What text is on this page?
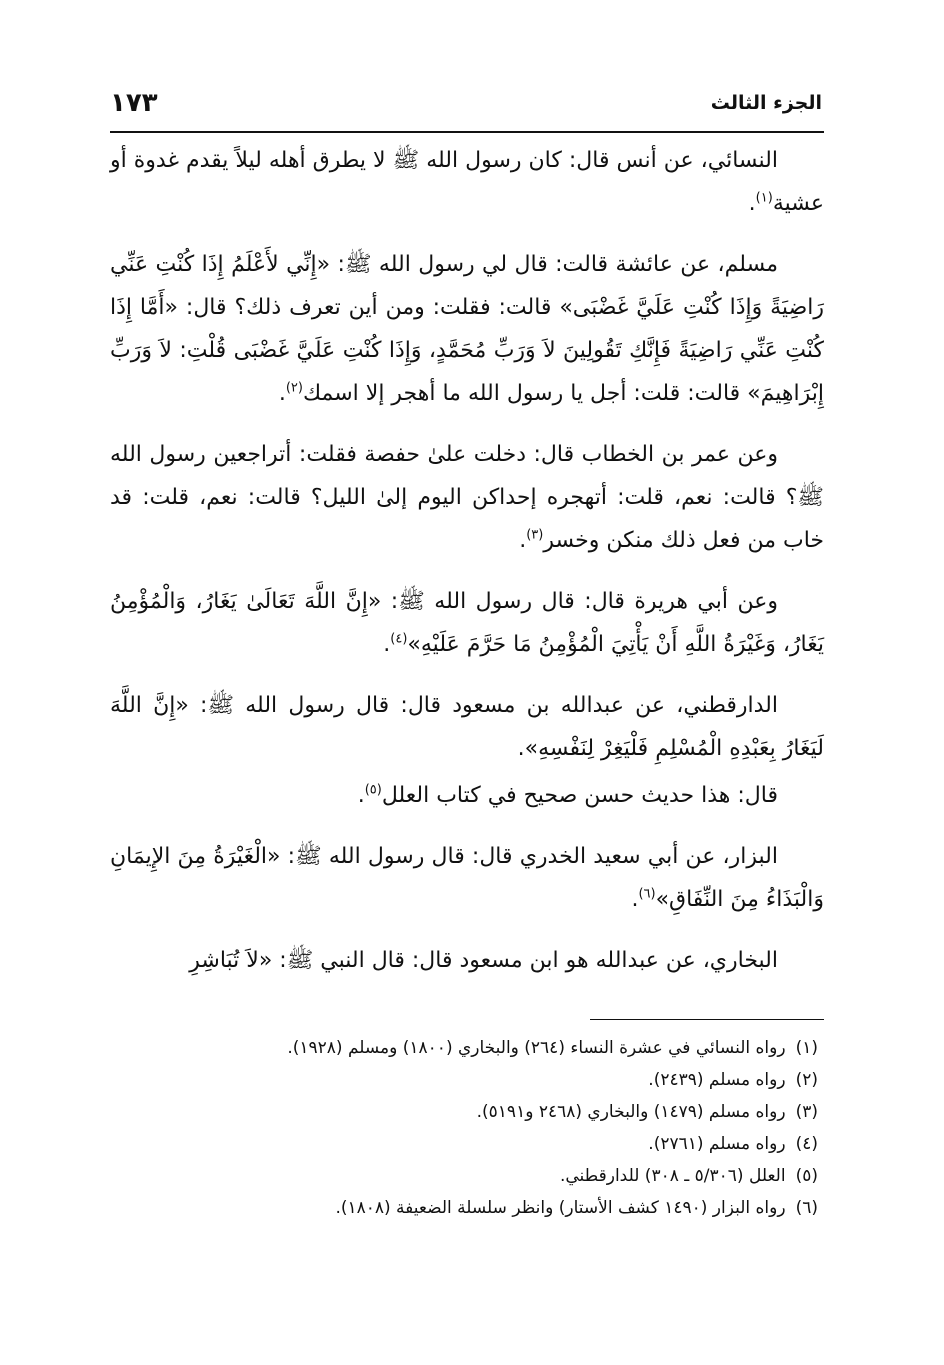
الجزء الثالث
١٧٣

النسائي، عن أنس قال: كان رسول الله ﷺ لا يطرق أهله ليلاً يقدم غدوة أو عشية$^{(١)}$.

مسلم، عن عائشة قالت: قال لي رسول الله ﷺ: «إِنِّي لأَعْلَمُ إِذَا كُنْتِ عَنِّي رَاضِيَةً وَإِذَا كُنْتِ عَلَيَّ غَضْبَى» قالت: فقلت: ومن أين تعرف ذلك؟ قال: «أَمَّا إِذَا كُنْتِ عَنِّي رَاضِيَةً فَإِنَّكِ تَقُولِينَ لاَ وَرَبِّ مُحَمَّدٍ، وَإِذَا كُنْتِ عَلَيَّ غَضْبَى قُلْتِ: لاَ وَرَبِّ إِبْرَاهِيمَ» قالت: قلت: أجل يا رسول الله ما أهجر إلا اسمك$^{(٢)}$.

وعن عمر بن الخطاب قال: دخلت علىٰ حفصة فقلت: أتراجعين رسول الله ﷺ؟ قالت: نعم، قلت: أتهجره إحداكن اليوم إلىٰ الليل؟ قالت: نعم، قلت: قد خاب من فعل ذلك منكن وخسر$^{(٣)}$.

وعن أبي هريرة قال: قال رسول الله ﷺ: «إِنَّ اللَّهَ تَعَالَىٰ يَغَارُ، وَالْمُؤْمِنُ يَغَارُ، وَغَيْرَةُ اللَّهِ أَنْ يَأْتِيَ الْمُؤْمِنُ مَا حَرَّمَ عَلَيْهِ»$^{(٤)}$.

الدارقطني، عن عبدالله بن مسعود قال: قال رسول الله ﷺ: «إِنَّ اللَّهَ لَيَغَارُ بِعَبْدِهِ الْمُسْلِمِ فَلْيَغِرْ لِنَفْسِهِ».

قال: هذا حديث حسن صحيح في كتاب العلل$^{(٥)}$.

البزار، عن أبي سعيد الخدري قال: قال رسول الله ﷺ: «الْغَيْرَةُ مِنَ الإِيمَانِ وَالْبَذَاءُ مِنَ النِّفَاقِ»$^{(٦)}$.

البخاري، عن عبدالله هو ابن مسعود قال: قال النبي ﷺ: «لاَ تُبَاشِرِ

(١)رواه النسائي في عشرة النساء (٢٦٤) والبخاري (١٨٠٠) ومسلم (١٩٢٨).

(٢)رواه مسلم (٢٤٣٩).

(٣)رواه مسلم (١٤٧٩) والبخاري (٢٤٦٨ و٥١٩١).

(٤)رواه مسلم (٢٧٦١).

(٥)العلل (٥/٣٠٦ ـ ٣٠٨) للدارقطني.

(٦)رواه البزار (١٤٩٠ كشف الأستار) وانظر سلسلة الضعيفة (١٨٠٨).
